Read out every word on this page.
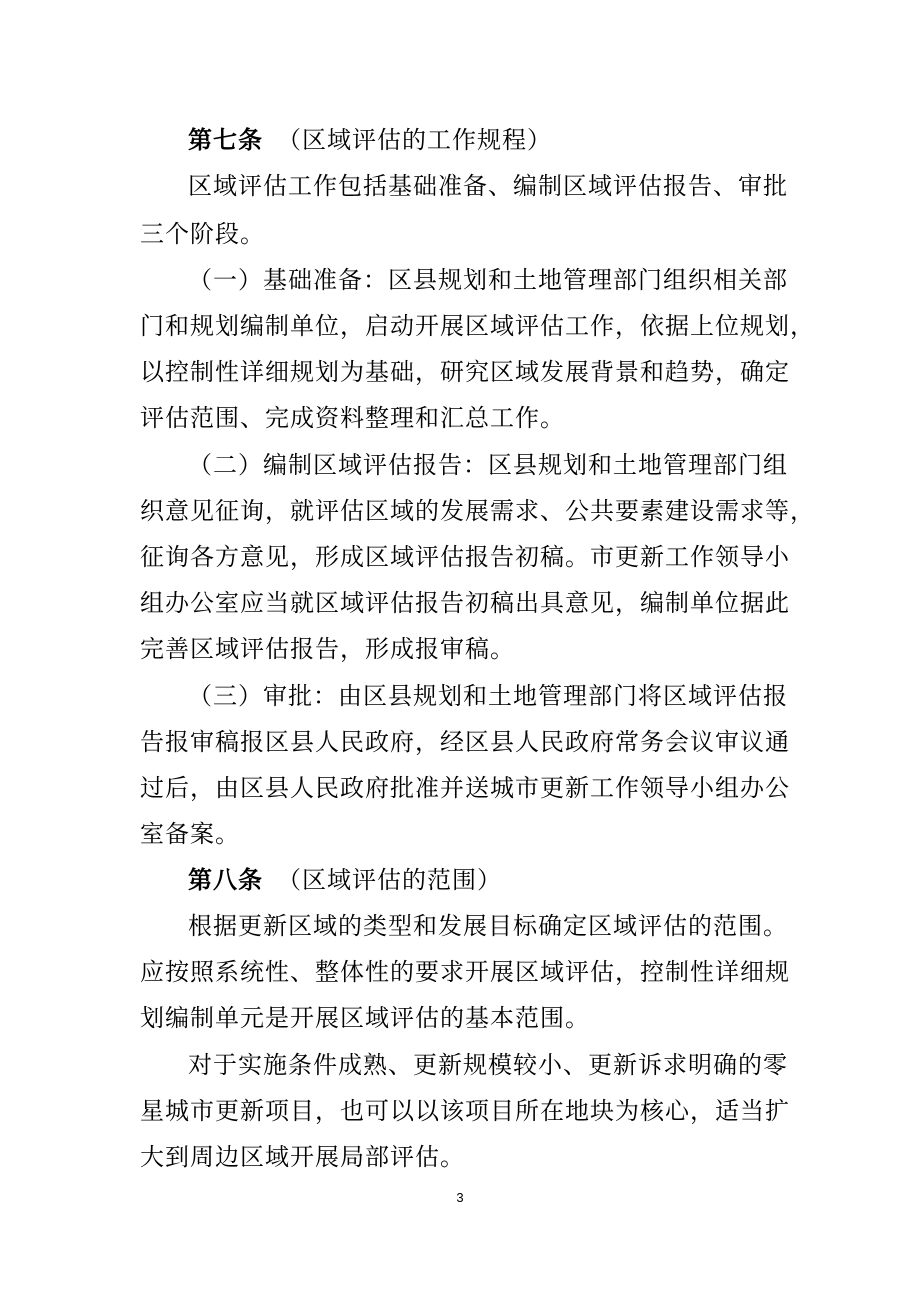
第七条 （区域评估的工作规程）

区域评估工作包括基础准备、编制区域评估报告、审批

三个阶段。

（一）基础准备：区县规划和土地管理部门组织相关部

门和规划编制单位，启动开展区域评估工作，依据上位规划，

以控制性详细规划为基础，研究区域发展背景和趋势，确定

评估范围、完成资料整理和汇总工作。

（二）编制区域评估报告：区县规划和土地管理部门组

织意见征询，就评估区域的发展需求、公共要素建设需求等，

征询各方意见，形成区域评估报告初稿。市更新工作领导小

组办公室应当就区域评估报告初稿出具意见，编制单位据此

完善区域评估报告，形成报审稿。

（三）审批：由区县规划和土地管理部门将区域评估报

告报审稿报区县人民政府，经区县人民政府常务会议审议通

过后，由区县人民政府批准并送城市更新工作领导小组办公

室备案。

第八条 （区域评估的范围）

根据更新区域的类型和发展目标确定区域评估的范围。

应按照系统性、整体性的要求开展区域评估，控制性详细规

划编制单元是开展区域评估的基本范围。

对于实施条件成熟、更新规模较小、更新诉求明确的零

星城市更新项目，也可以以该项目所在地块为核心，适当扩

大到周边区域开展局部评估。

3
